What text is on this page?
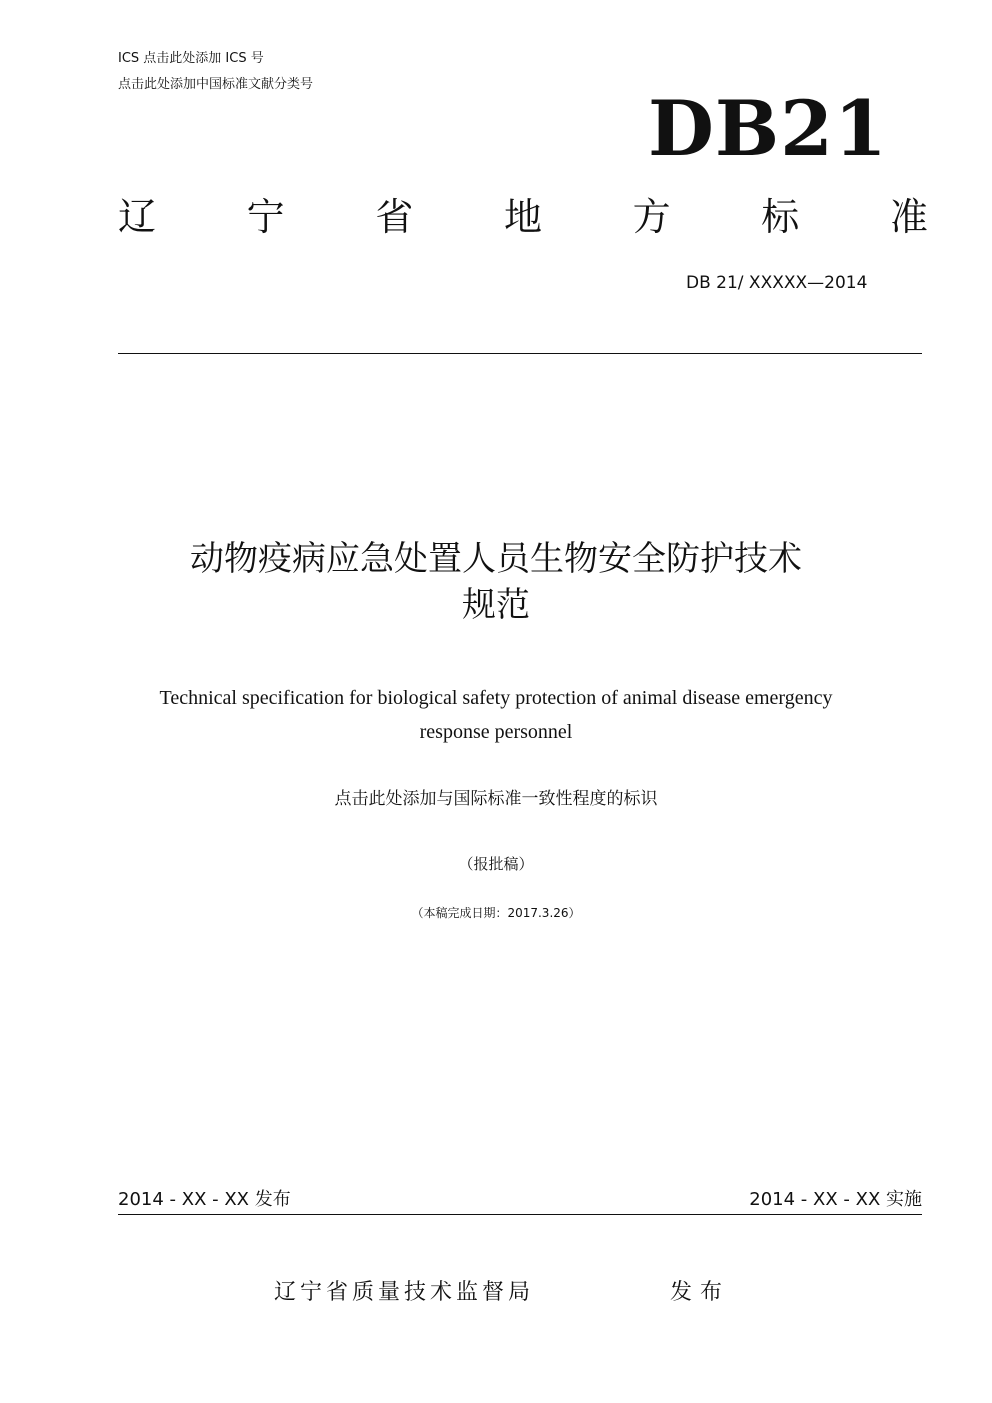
ICS 点击此处添加 ICS 号
点击此处添加中国标准文献分类号	DB21
辽 宁 省 地 方 标 准
DB 21/ XXXXX—2014
动物疫病应急处置人员生物安全防护技术
规范
Technical specification for biological safety protection of animal disease emergency
response personnel
点击此处添加与国际标准一致性程度的标识
（报批稿）
（本稿完成日期：2017.3.26）
2014 - XX - XX 发布	2014 - XX - XX 实施
辽宁省质量技术监督局	发布
